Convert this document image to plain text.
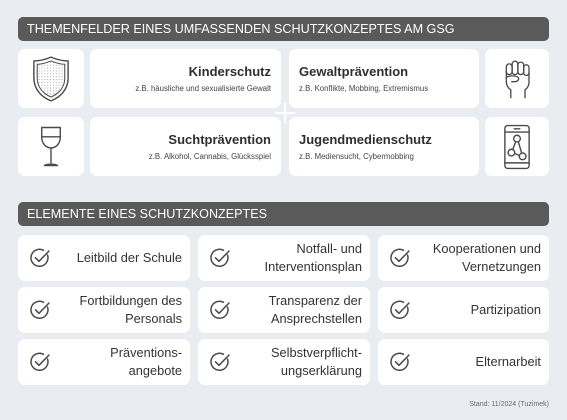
THEMENFELDER EINES UMFASSENDEN SCHUTZKONZEPTES AM GSG
Kinderschutz
z.B. häusliche und sexualisierte Gewalt
Gewaltprävention
z.B. Konflikte, Mobbing, Extremismus
Suchtprävention
z.B. Alkohol, Cannabis, Glücksspiel
Jugendmedienschutz
z.B. Mediensucht, Cybermobbing
ELEMENTE EINES SCHUTZKONZEPTES
Leitbild der Schule
Notfall- und
Interventionsplan
Kooperationen und
Vernetzungen
Fortbildungen des
Personals
Transparenz der
Ansprechstellen
Partizipation
Präventions-
angebote
Selbstverpflicht-
ungserklärung
Elternarbeit
Stand: 11/2024 (Tuzimek)
